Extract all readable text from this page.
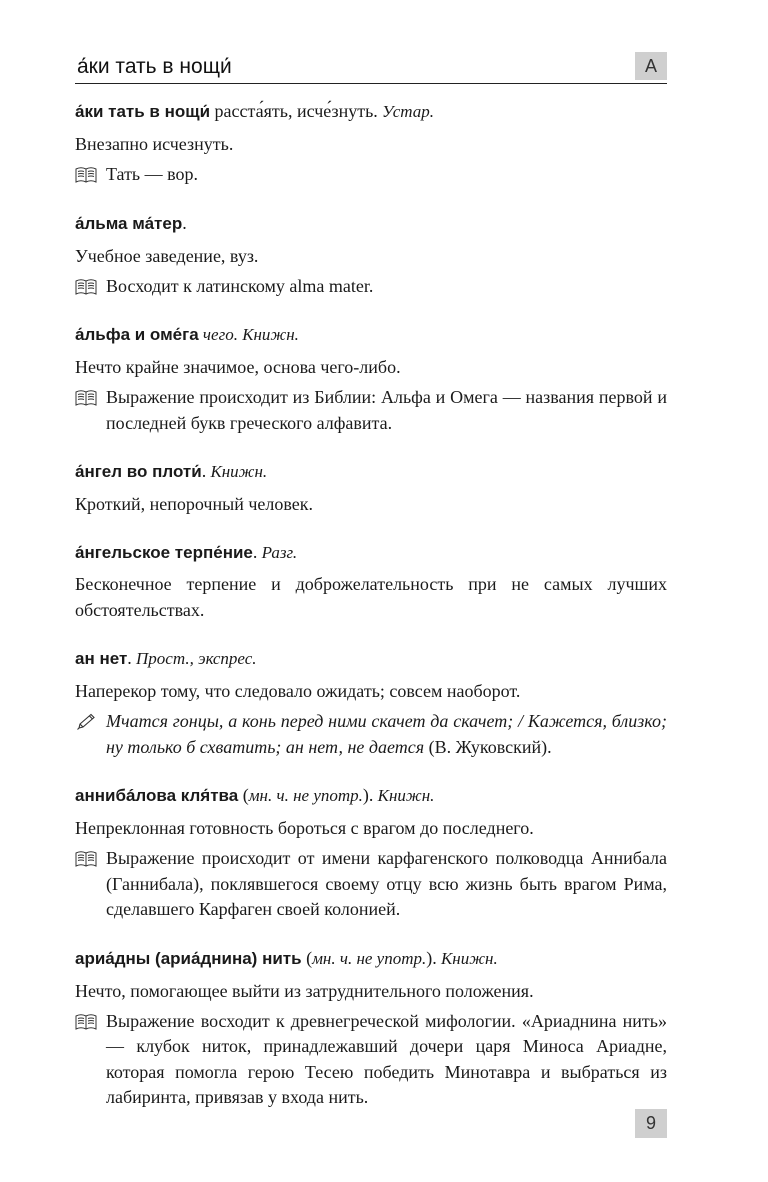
а́ки тать в нощи́	А

а́ки тать в нощи́ расста́ять, исче́знуть. Устар.

Внезапно исчезнуть.

Тать — вор.

а́льма ма́тер.

Учебное заведение, вуз.

Восходит к латинскому alma mater.

а́льфа и оме́га чего. Книжн.

Нечто крайне значимое, основа чего-либо.

Выражение происходит из Библии: Альфа и Омега — названия первой и последней букв греческого алфавита.

а́нгел во плоти́. Книжн.

Кроткий, непорочный человек.

а́нгельское терпе́ние. Разг.

Бесконечное терпение и доброжелательность при не самых лучших обстоятельствах.

ан нет. Прост., экспрес.

Наперекор тому, что следовало ожидать; совсем наоборот.

Мчатся гонцы, а конь перед ними скачет да скачет; / Кажется, близко; ну только б схватить; ан нет, не дается (В. Жуковский).

аннибáлова кля́тва (мн. ч. не употр.). Книжн.

Непреклонная готовность бороться с врагом до последнего.

Выражение происходит от имени карфагенского полководца Аннибала (Ганнибала), поклявшегося своему отцу всю жизнь быть врагом Рима, сделавшего Карфаген своей колонией.

ариа́дны (ариа́днина) нить (мн. ч. не употр.). Книжн.

Нечто, помогающее выйти из затруднительного положения.

Выражение восходит к древнегреческой мифологии. «Ариаднина нить» — клубок ниток, принадлежавший дочери царя Миноса Ариадне, которая помогла герою Тесею победить Минотавра и выбраться из лабиринта, привязав у входа нить.

9
